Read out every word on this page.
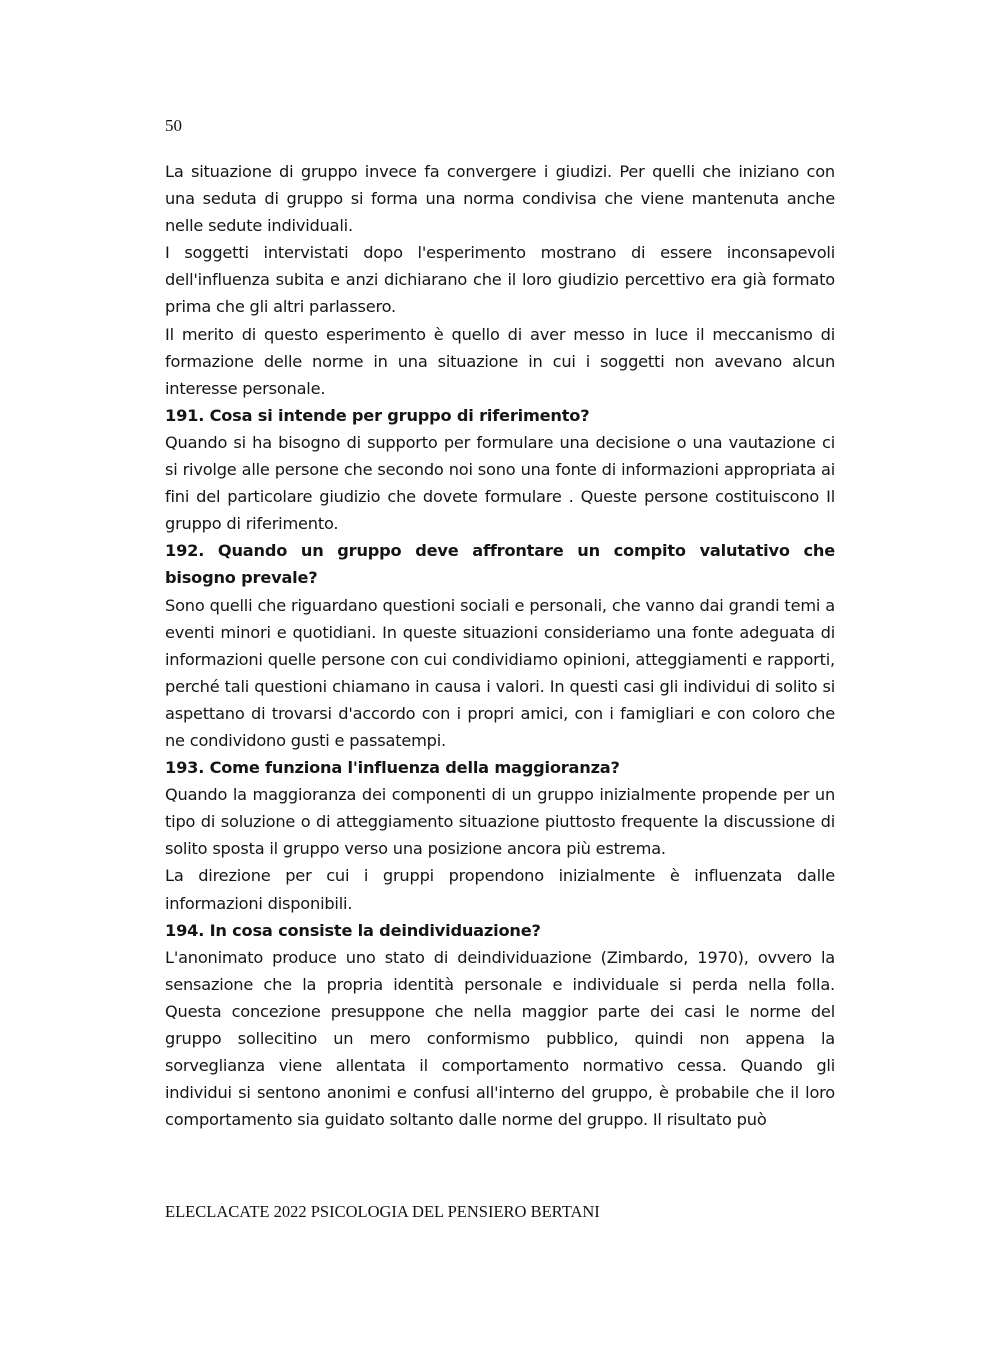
50

La situazione di gruppo invece fa convergere i giudizi. Per quelli che iniziano con una seduta di gruppo si forma una norma condivisa che viene mantenuta anche nelle sedute individuali.

I soggetti intervistati dopo l'esperimento mostrano di essere inconsapevoli dell'influenza subita e anzi dichiarano che il loro giudizio percettivo era già formato prima che gli altri parlassero.

Il merito di questo esperimento è quello di aver messo in luce il meccanismo di formazione delle norme in una situazione in cui i soggetti non avevano alcun interesse personale.

191. Cosa si intende per gruppo di riferimento?

Quando si ha bisogno di supporto per formulare una decisione o una vautazione ci si rivolge alle persone che secondo noi sono una fonte di informazioni appropriata ai fini del particolare giudizio che dovete formulare . Queste persone costituiscono Il gruppo di riferimento.

192. Quando un gruppo deve affrontare un compito valutativo che bisogno prevale?

Sono quelli che riguardano questioni sociali e personali, che vanno dai grandi temi a eventi minori e quotidiani. In queste situazioni consideriamo una fonte adeguata di informazioni quelle persone con cui condividiamo opinioni, atteggiamenti e rapporti, perché tali questioni chiamano in causa i valori. In questi casi gli individui di solito si aspettano di trovarsi d'accordo con i propri amici, con i famigliari e con coloro che ne condividono gusti e passatempi.

193. Come funziona l'influenza della maggioranza?

Quando la maggioranza dei componenti di un gruppo inizialmente propende per un tipo di soluzione o di atteggiamento situazione piuttosto frequente la discussione di solito sposta il gruppo verso una posizione ancora più estrema.

La direzione per cui i gruppi propendono inizialmente è influenzata dalle informazioni disponibili.

194. In cosa consiste la deindividuazione?

L'anonimato produce uno stato di deindividuazione (Zimbardo, 1970), ovvero la sensazione che la propria identità personale e individuale si perda nella folla. Questa concezione presuppone che nella maggior parte dei casi le norme del gruppo sollecitino un mero conformismo pubblico, quindi non appena la sorveglianza viene allentata il comportamento normativo cessa. Quando gli individui si sentono anonimi e confusi all'interno del gruppo, è probabile che il loro comportamento sia guidato soltanto dalle norme del gruppo. Il risultato può

ELECLACATE 2022 PSICOLOGIA DEL PENSIERO BERTANI
